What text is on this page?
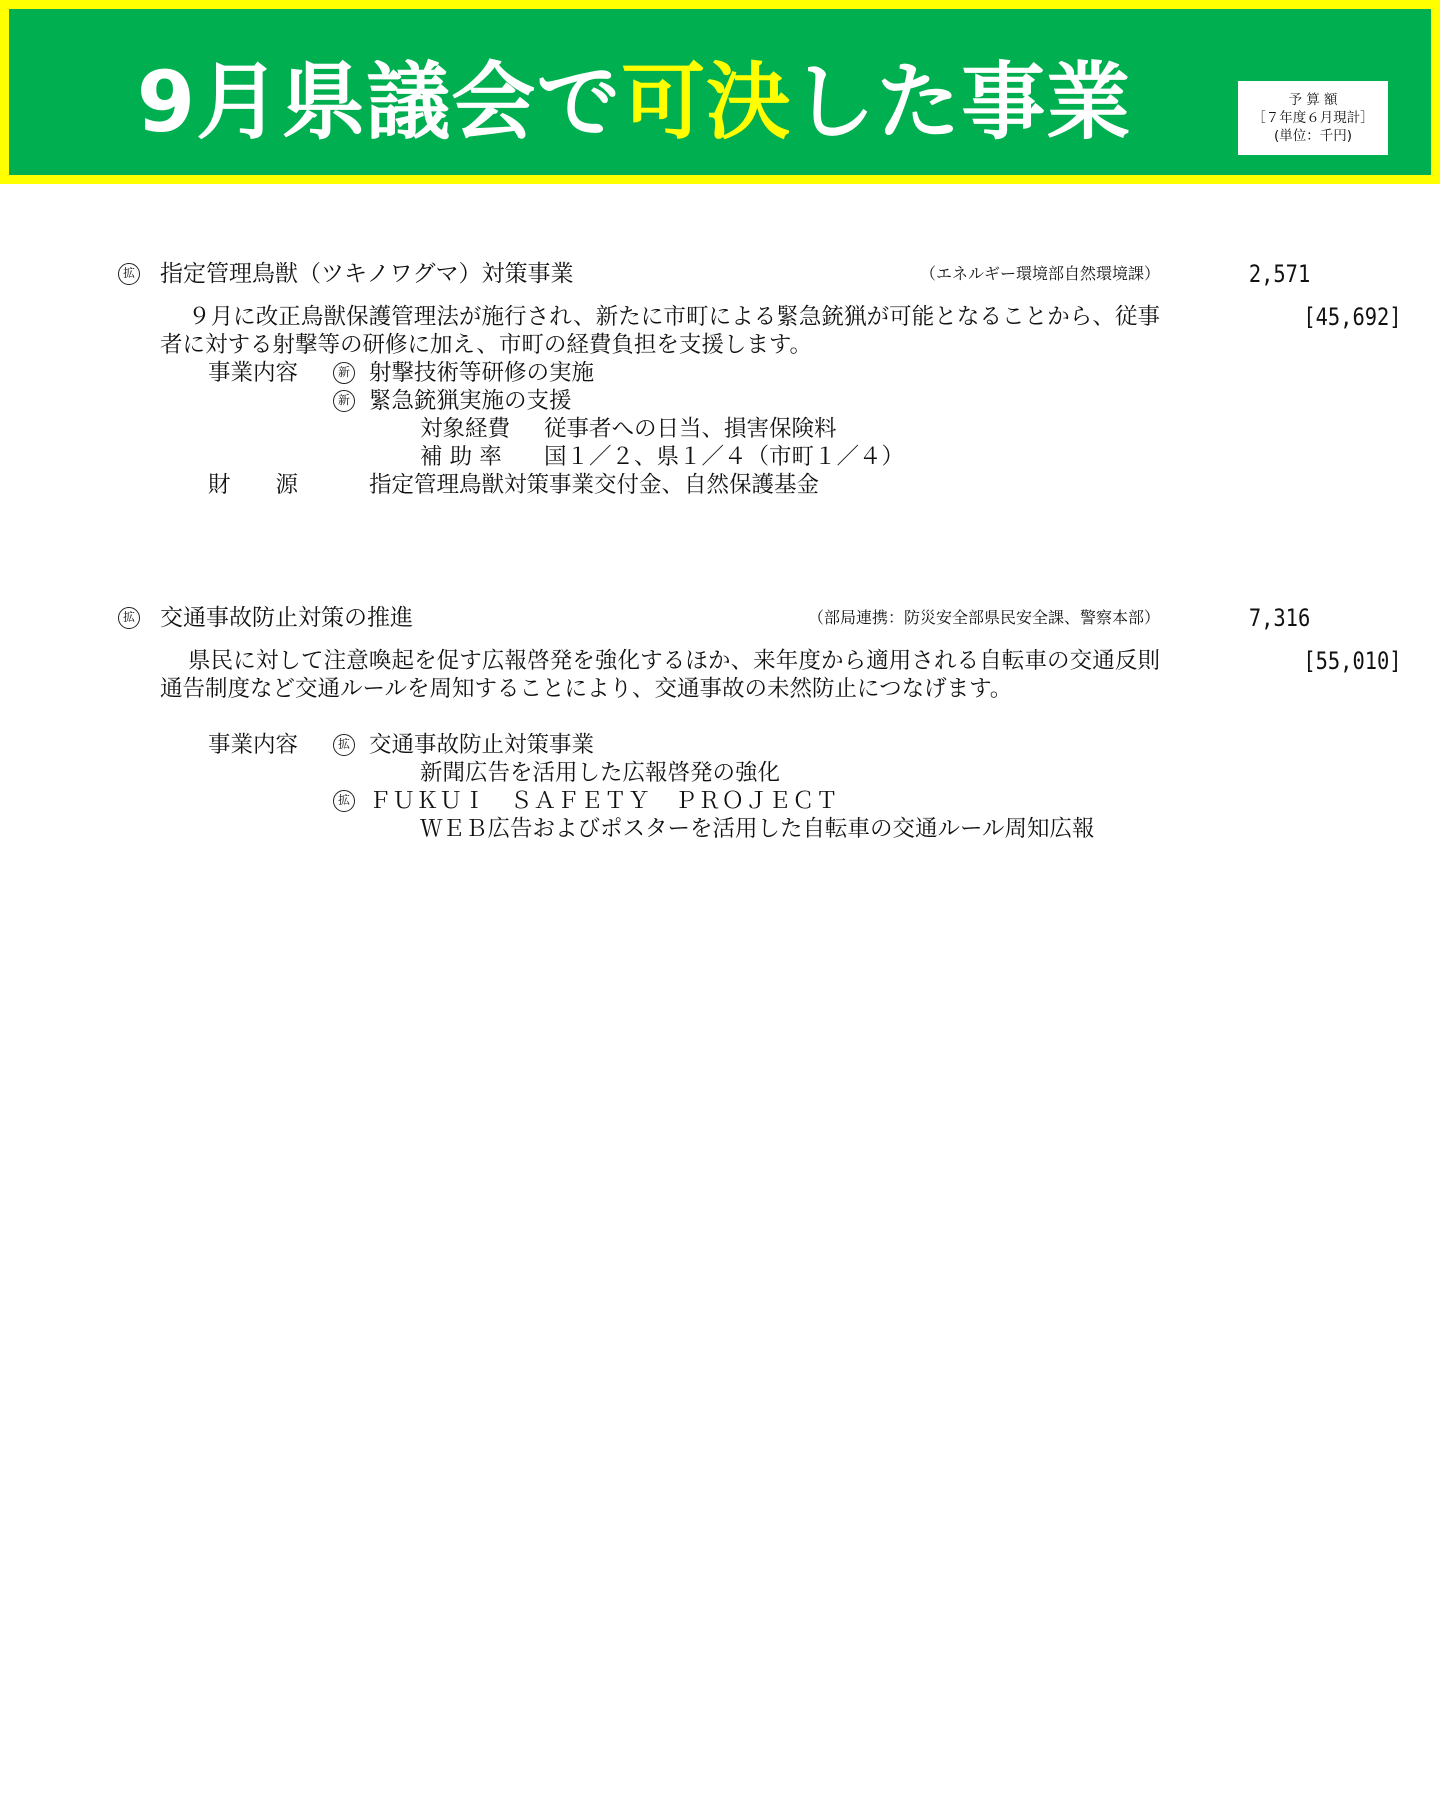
9月県議会で可決した事業	予 算 額
［７年度６月現計］
(単位：千円)
拡 指定管理鳥獣（ツキノワグマ）対策事業	（エネルギー環境部自然環境課）	2,571
[45,692]
９月に改正鳥獣保護管理法が施行され、新たに市町による緊急銃猟が可能となることから、従事者に対する射撃等の研修に加え、市町の経費負担を支援します。
事業内容	新 射撃技術等研修の実施
新 緊急銃猟実施の支援
対象経費 従事者への日当、損害保険料
補 助 率 国１／２、県１／４（市町１／４）
財　　源	指定管理鳥獣対策事業交付金、自然保護基金
拡 交通事故防止対策の推進	（部局連携：防災安全部県民安全課、警察本部）	7,316
[55,010]
県民に対して注意喚起を促す広報啓発を強化するほか、来年度から適用される自転車の交通反則通告制度など交通ルールを周知することにより、交通事故の未然防止につなげます。
事業内容	拡 交通事故防止対策事業
新聞広告を活用した広報啓発の強化
拡 ＦＵＫＵＩ　ＳＡＦＥＴＹ　ＰＲＯＪＥＣＴ
ＷＥＢ広告およびポスターを活用した自転車の交通ルール周知広報
